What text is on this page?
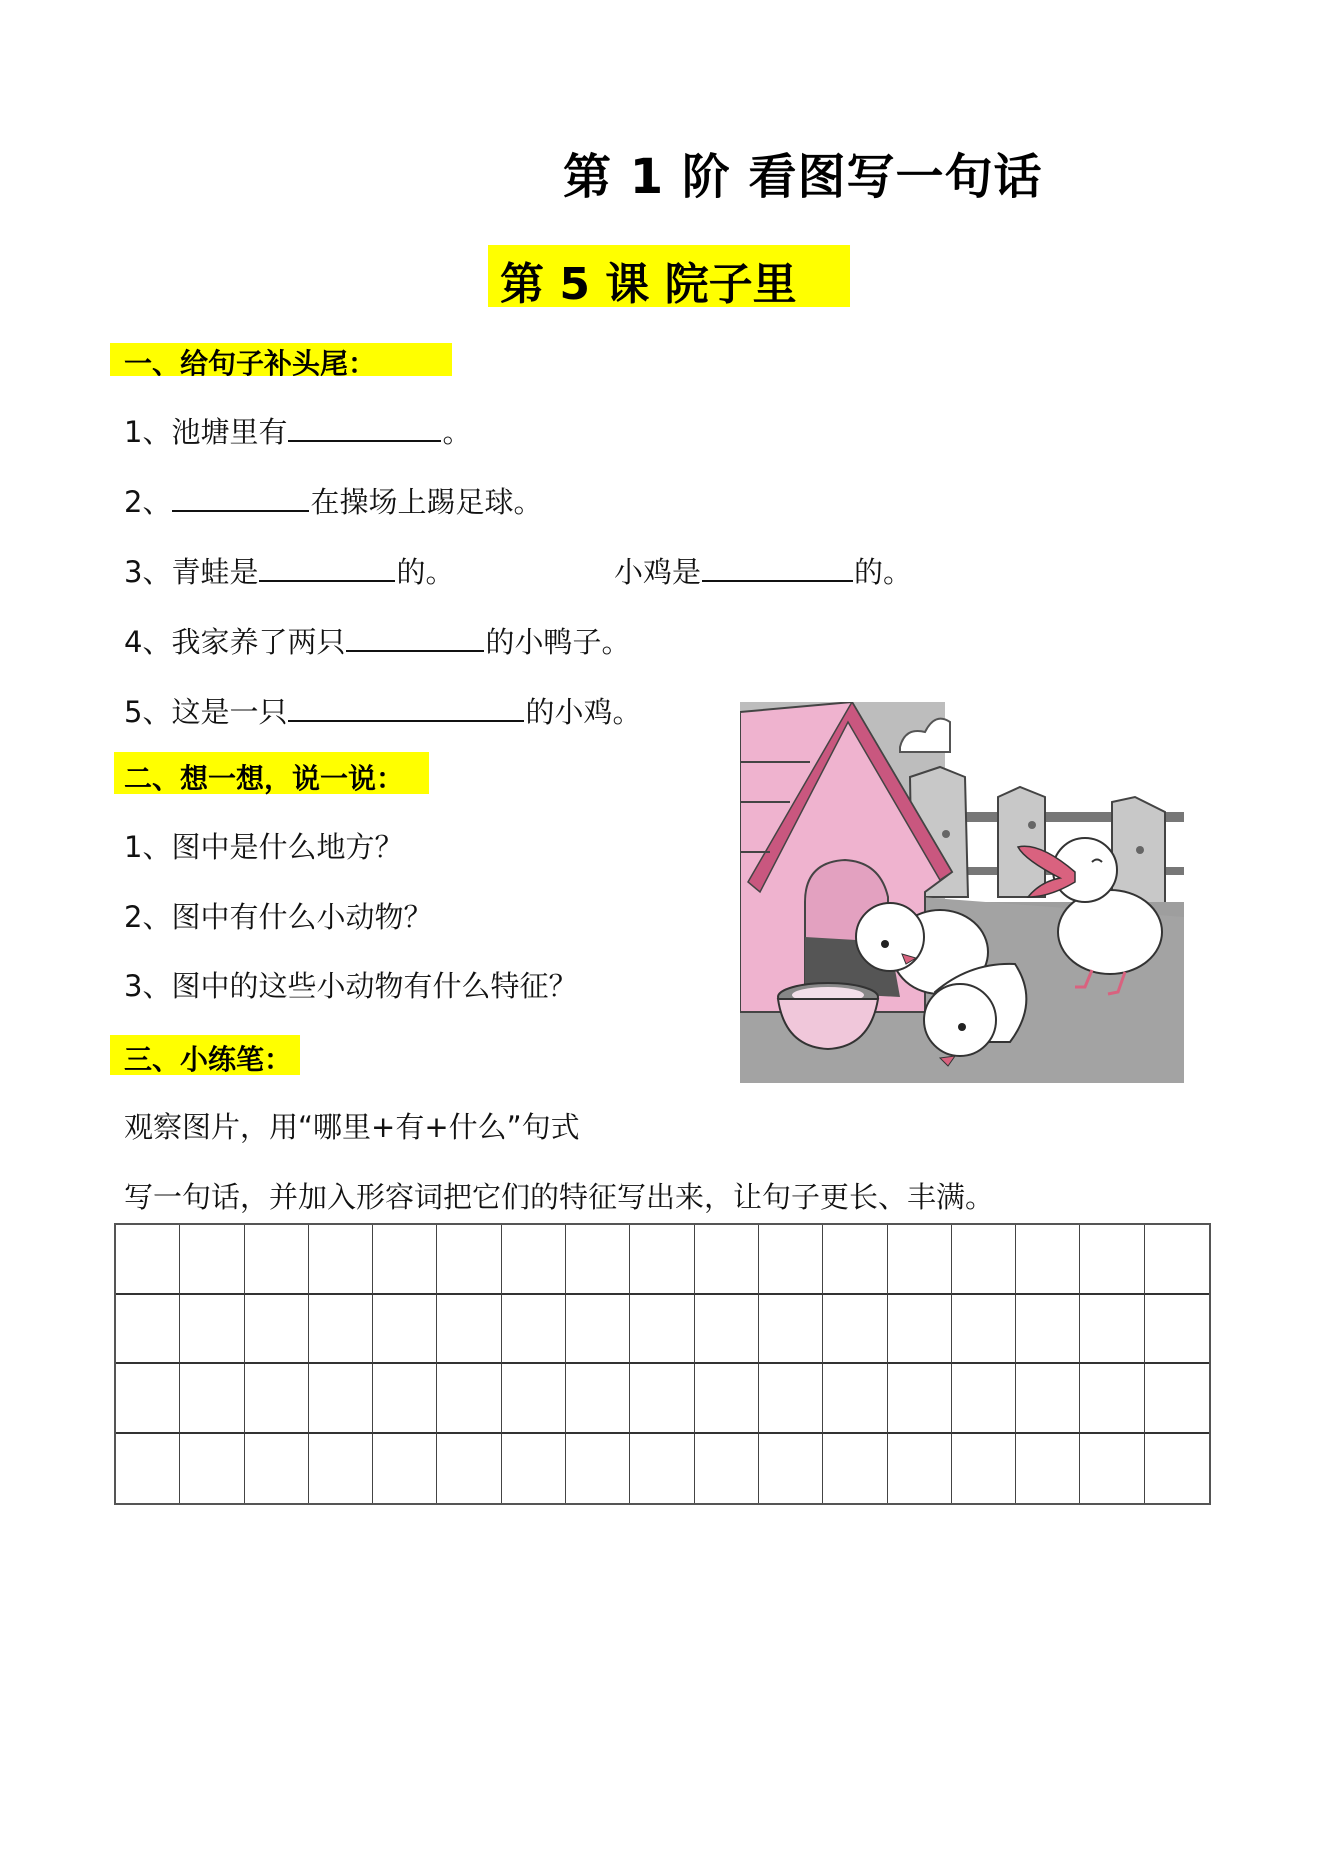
第 1 阶 看图写一句话
第 5 课 院子里
一、给句子补头尾：
1、池塘里有	。
2、	在操场上踢足球。
3、青蛙是	的。	小鸡是	的。
4、我家养了两只	的小鸭子。
5、这是一只	的小鸡。
二、想一想，说一说：
1、图中是什么地方？
2、图中有什么小动物？
3、图中的这些小动物有什么特征？
三、小练笔：
观察图片，用“哪里+有+什么”句式
写一句话，并加入形容词把它们的特征写出来，让句子更长、丰满。
